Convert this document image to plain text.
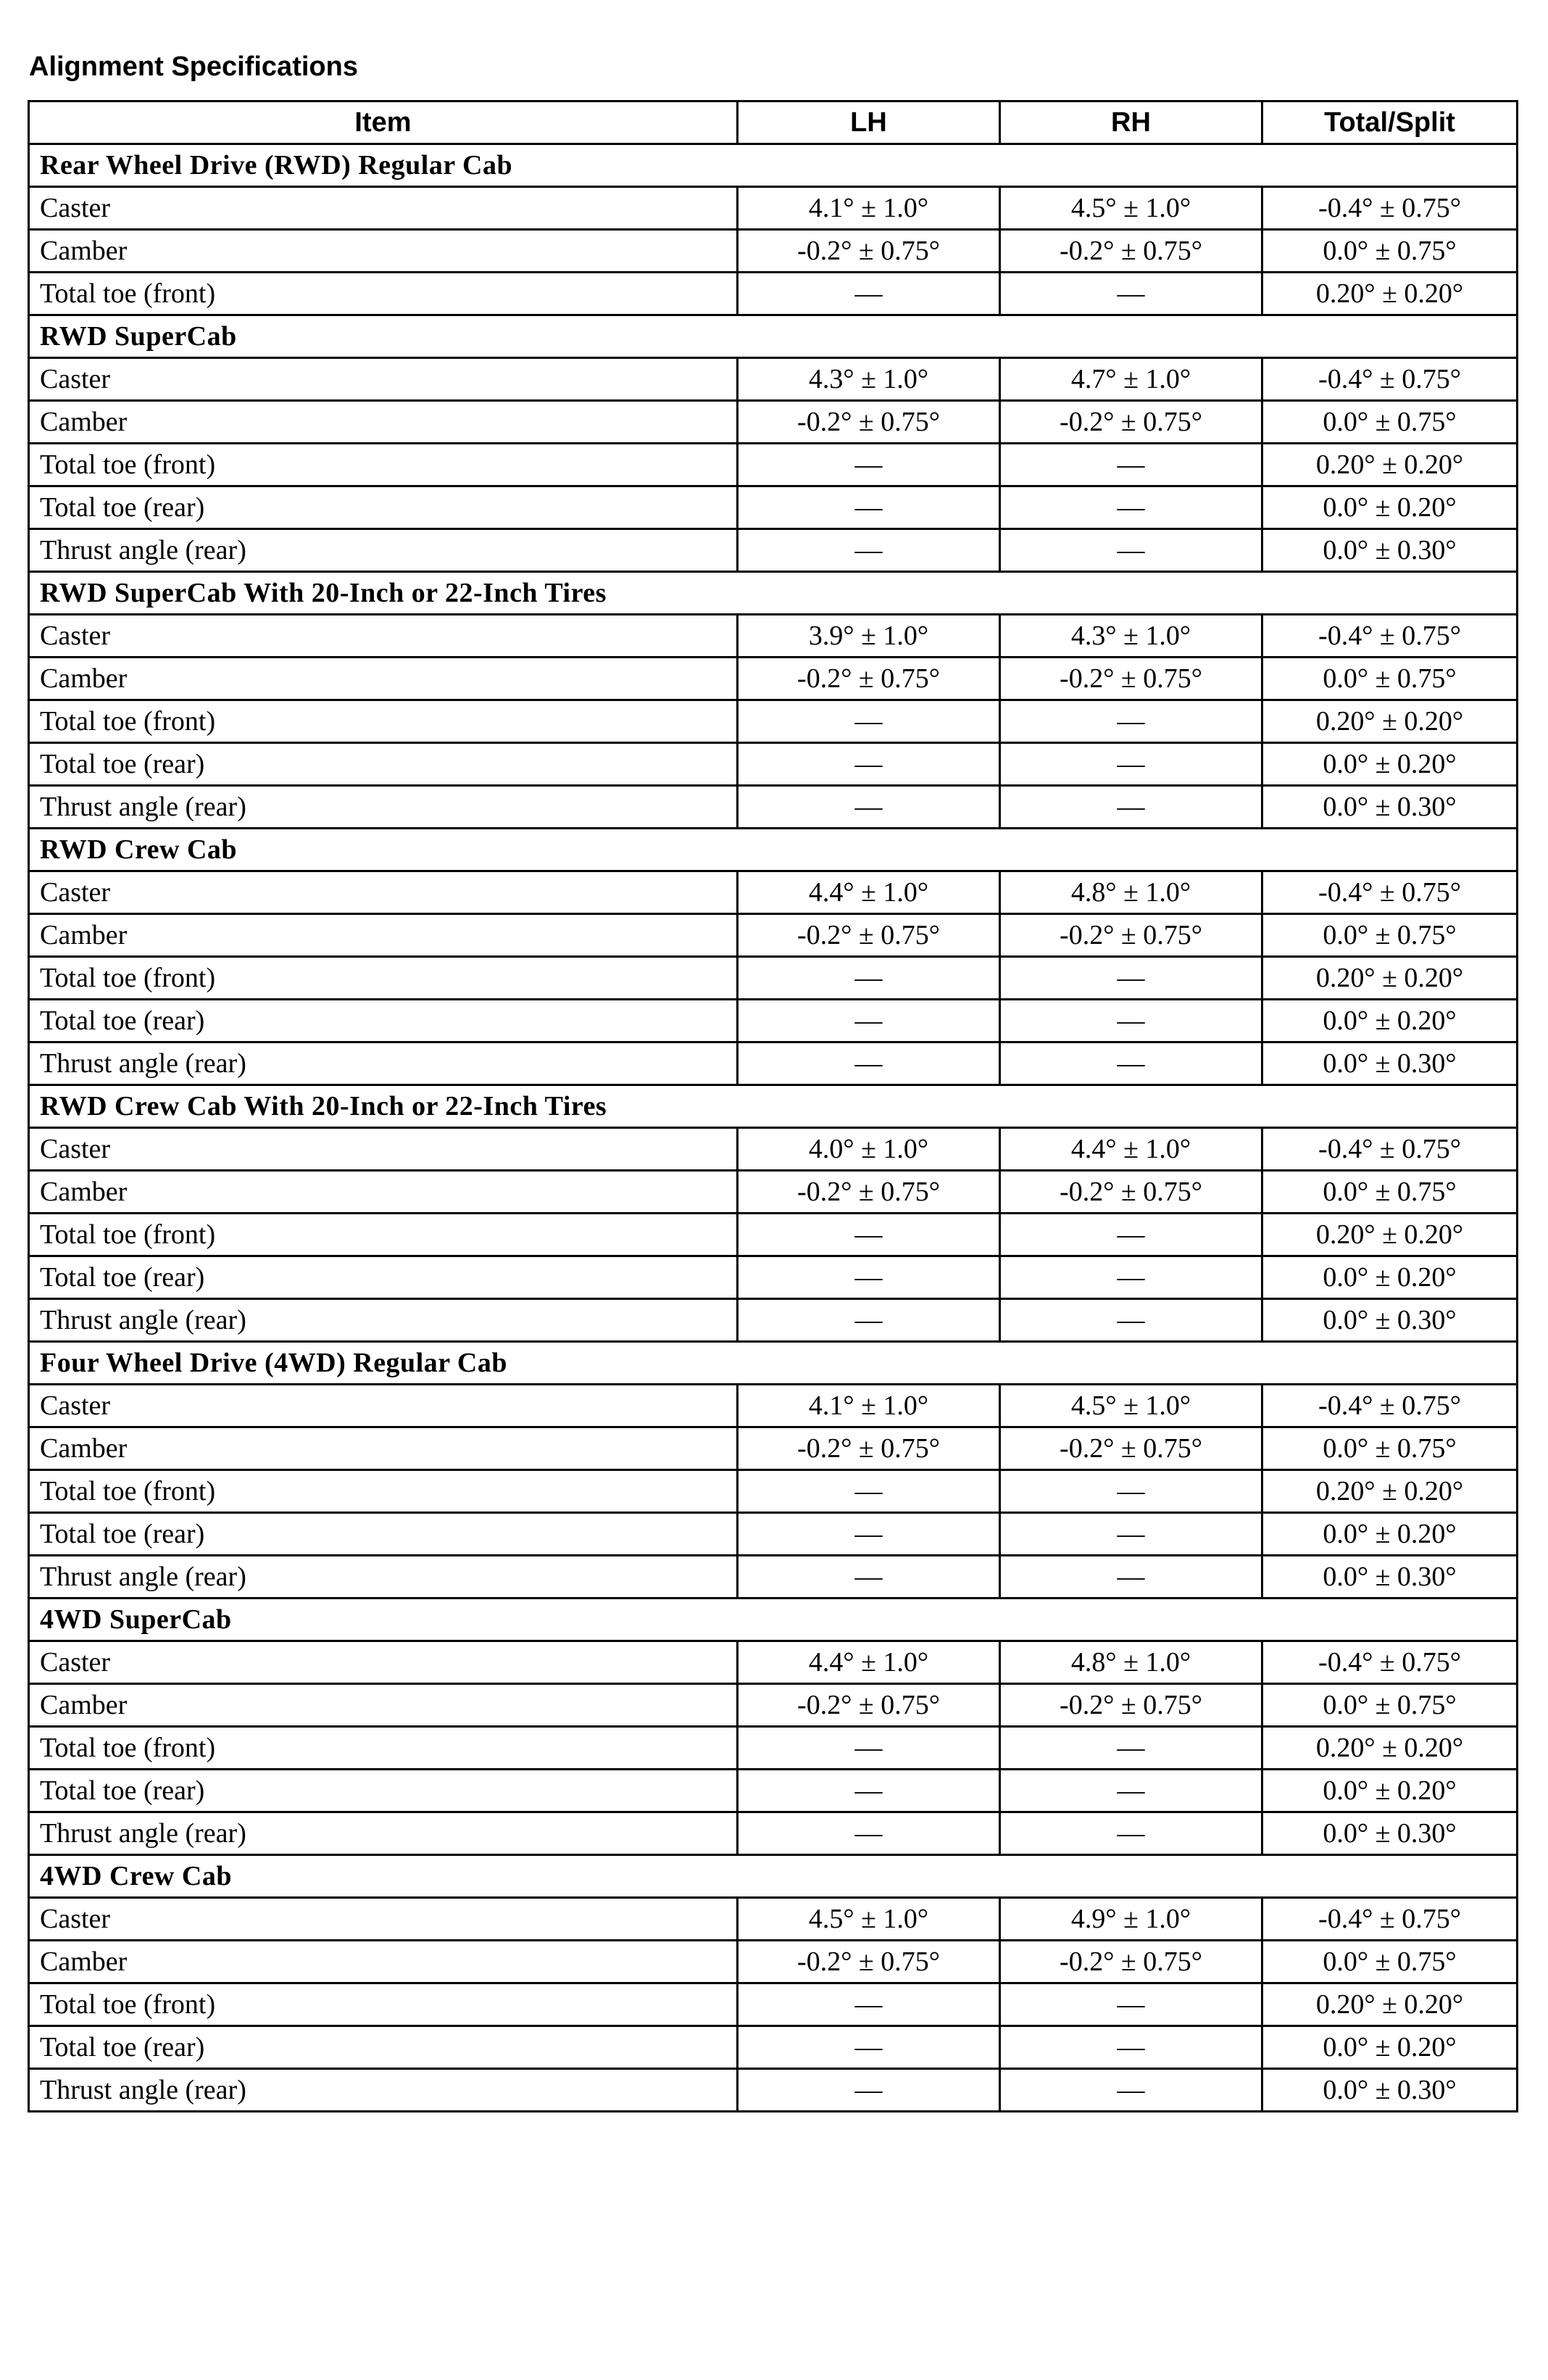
Alignment Specifications
Item	LH	RH	Total/Split
Rear Wheel Drive (RWD) Regular Cab			
Caster	4.1° ± 1.0°	4.5° ± 1.0°	-0.4° ± 0.75°
Camber	-0.2° ± 0.75°	-0.2° ± 0.75°	0.0° ± 0.75°
Total toe (front)	—	—	0.20° ± 0.20°
RWD SuperCab			
Caster	4.3° ± 1.0°	4.7° ± 1.0°	-0.4° ± 0.75°
Camber	-0.2° ± 0.75°	-0.2° ± 0.75°	0.0° ± 0.75°
Total toe (front)	—	—	0.20° ± 0.20°
Total toe (rear)	—	—	0.0° ± 0.20°
Thrust angle (rear)	—	—	0.0° ± 0.30°
RWD SuperCab With 20-Inch or 22-Inch Tires			
Caster	3.9° ± 1.0°	4.3° ± 1.0°	-0.4° ± 0.75°
Camber	-0.2° ± 0.75°	-0.2° ± 0.75°	0.0° ± 0.75°
Total toe (front)	—	—	0.20° ± 0.20°
Total toe (rear)	—	—	0.0° ± 0.20°
Thrust angle (rear)	—	—	0.0° ± 0.30°
RWD Crew Cab			
Caster	4.4° ± 1.0°	4.8° ± 1.0°	-0.4° ± 0.75°
Camber	-0.2° ± 0.75°	-0.2° ± 0.75°	0.0° ± 0.75°
Total toe (front)	—	—	0.20° ± 0.20°
Total toe (rear)	—	—	0.0° ± 0.20°
Thrust angle (rear)	—	—	0.0° ± 0.30°
RWD Crew Cab With 20-Inch or 22-Inch Tires			
Caster	4.0° ± 1.0°	4.4° ± 1.0°	-0.4° ± 0.75°
Camber	-0.2° ± 0.75°	-0.2° ± 0.75°	0.0° ± 0.75°
Total toe (front)	—	—	0.20° ± 0.20°
Total toe (rear)	—	—	0.0° ± 0.20°
Thrust angle (rear)	—	—	0.0° ± 0.30°
Four Wheel Drive (4WD) Regular Cab			
Caster	4.1° ± 1.0°	4.5° ± 1.0°	-0.4° ± 0.75°
Camber	-0.2° ± 0.75°	-0.2° ± 0.75°	0.0° ± 0.75°
Total toe (front)	—	—	0.20° ± 0.20°
Total toe (rear)	—	—	0.0° ± 0.20°
Thrust angle (rear)	—	—	0.0° ± 0.30°
4WD SuperCab			
Caster	4.4° ± 1.0°	4.8° ± 1.0°	-0.4° ± 0.75°
Camber	-0.2° ± 0.75°	-0.2° ± 0.75°	0.0° ± 0.75°
Total toe (front)	—	—	0.20° ± 0.20°
Total toe (rear)	—	—	0.0° ± 0.20°
Thrust angle (rear)	—	—	0.0° ± 0.30°
4WD Crew Cab			
Caster	4.5° ± 1.0°	4.9° ± 1.0°	-0.4° ± 0.75°
Camber	-0.2° ± 0.75°	-0.2° ± 0.75°	0.0° ± 0.75°
Total toe (front)	—	—	0.20° ± 0.20°
Total toe (rear)	—	—	0.0° ± 0.20°
Thrust angle (rear)	—	—	0.0° ± 0.30°
